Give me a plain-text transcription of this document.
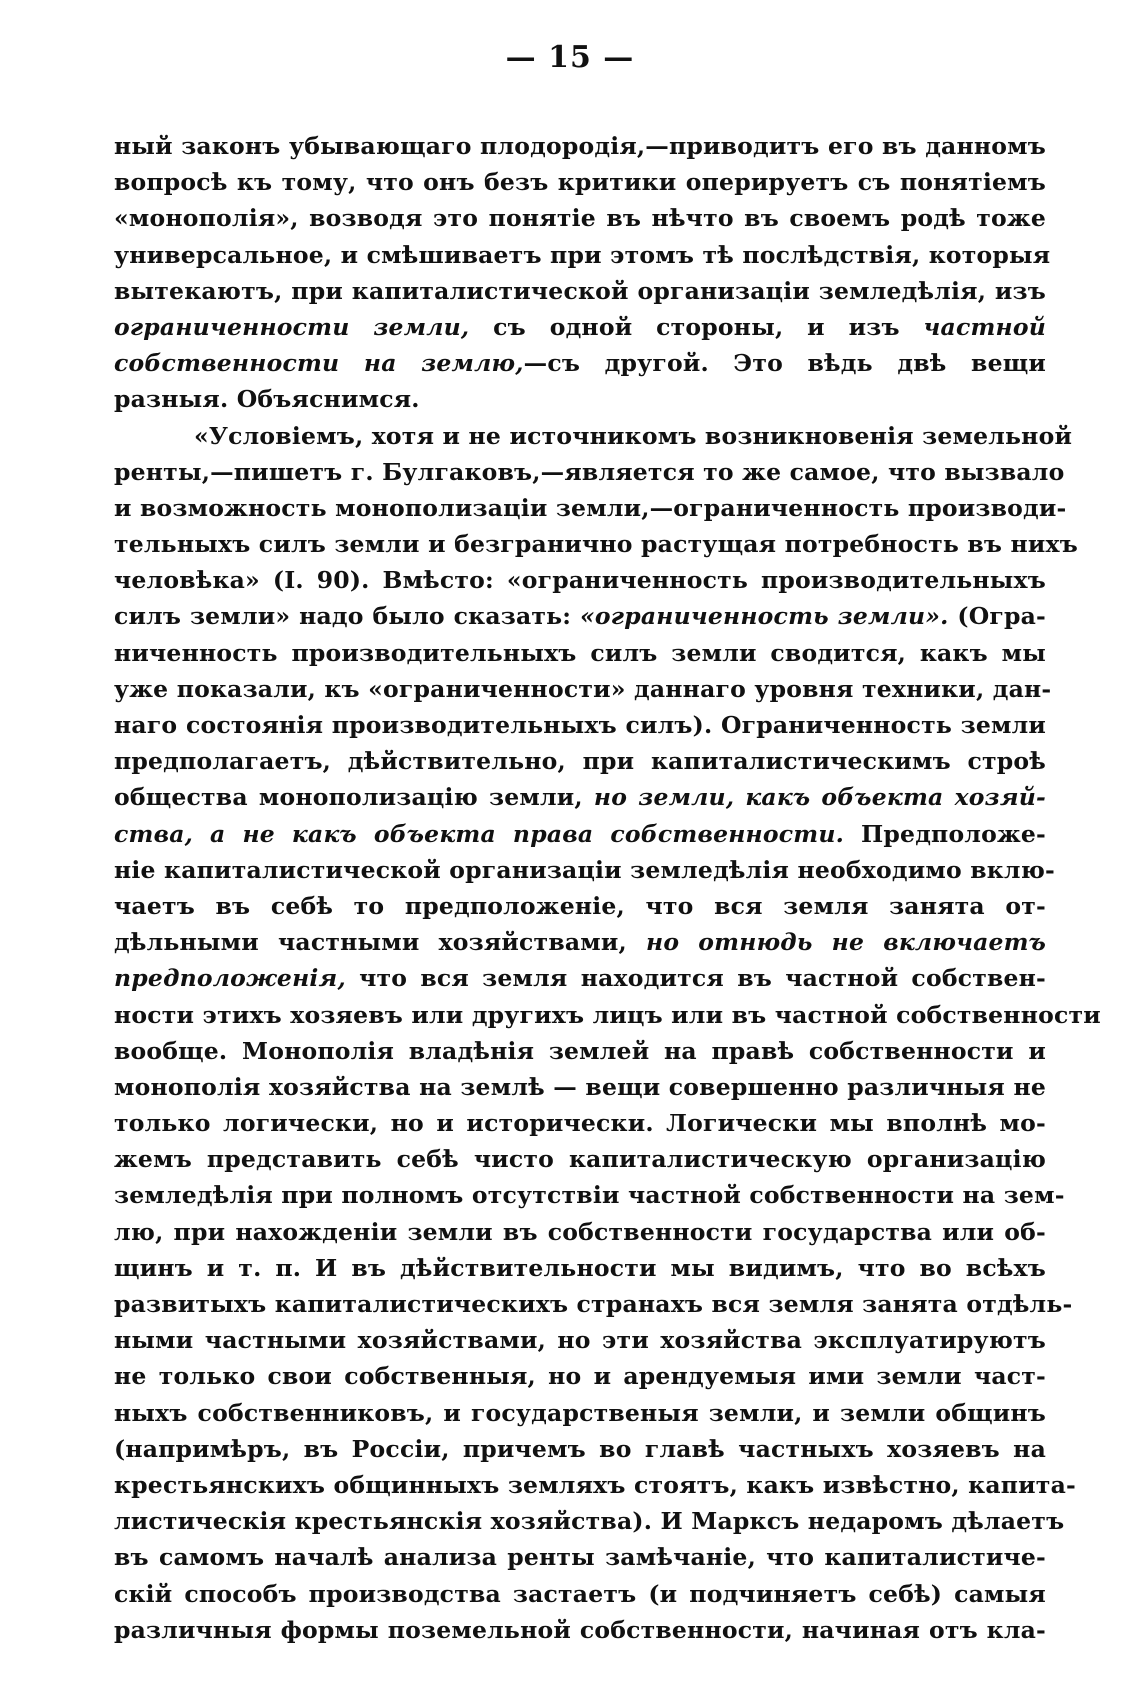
— 15 —
ный законъ убывающаго плодородія,—приводитъ его въ данномъ
вопросѣ къ тому, что онъ безъ критики оперируетъ съ понятіемъ
«монополія», возводя это понятіе въ нѣчто въ своемъ родѣ тоже
универсальное, и смѣшиваетъ при этомъ тѣ послѣдствія, которыя
вытекаютъ, при капиталистической организаціи земледѣлія, изъ
ограниченности земли, съ одной стороны, и изъ частной
собственности на землю,—съ другой. Это вѣдь двѣ вещи
разныя. Объяснимся.
«Условіемъ, хотя и не источникомъ возникновенія земельной
ренты,—пишетъ г. Булгаковъ,—является то же самое, что вызвало
и возможность монополизаціи земли,—ограниченность производи-
тельныхъ силъ земли и безгранично растущая потребность въ нихъ
человѣка» (I. 90). Вмѣсто: «ограниченность производительныхъ
силъ земли» надо было сказать: «ограниченность земли». (Огра-
ниченность производительныхъ силъ земли сводится, какъ мы
уже показали, къ «ограниченности» даннаго уровня техники, дан-
наго состоянія производительныхъ силъ). Ограниченность земли
предполагаетъ, дѣйствительно, при капиталистическимъ строѣ
общества монополизацію земли, но земли, какъ объекта хозяй-
ства, а не какъ объекта права собственности. Предположе-
ніе капиталистической организаціи земледѣлія необходимо вклю-
чаетъ въ себѣ то предположеніе, что вся земля занята от-
дѣльными частными хозяйствами, но отнюдь не включаетъ
предположенія, что вся земля находится въ частной собствен-
ности этихъ хозяевъ или другихъ лицъ или въ частной собственности
вообще. Монополія владѣнія землей на правѣ собственности и
монополія хозяйства на землѣ — вещи совершенно различныя не
только логически, но и исторически. Логически мы вполнѣ мо-
жемъ представить себѣ чисто капиталистическую организацію
земледѣлія при полномъ отсутствіи частной собственности на зем-
лю, при нахожденіи земли въ собственности государства или об-
щинъ и т. п. И въ дѣйствительности мы видимъ, что во всѣхъ
развитыхъ капиталистическихъ странахъ вся земля занята отдѣль-
ными частными хозяйствами, но эти хозяйства эксплуатируютъ
не только свои собственныя, но и арендуемыя ими земли част-
ныхъ собственниковъ, и государственыя земли, и земли общинъ
(напримѣръ, въ Россіи, причемъ во главѣ частныхъ хозяевъ на
крестьянскихъ общинныхъ земляхъ стоятъ, какъ извѣстно, капита-
листическія крестьянскія хозяйства). И Марксъ недаромъ дѣлаетъ
въ самомъ началѣ анализа ренты замѣчаніе, что капиталистиче-
скій способъ производства застаетъ (и подчиняетъ себѣ) самыя
различныя формы поземельной собственности, начиная отъ кла-
